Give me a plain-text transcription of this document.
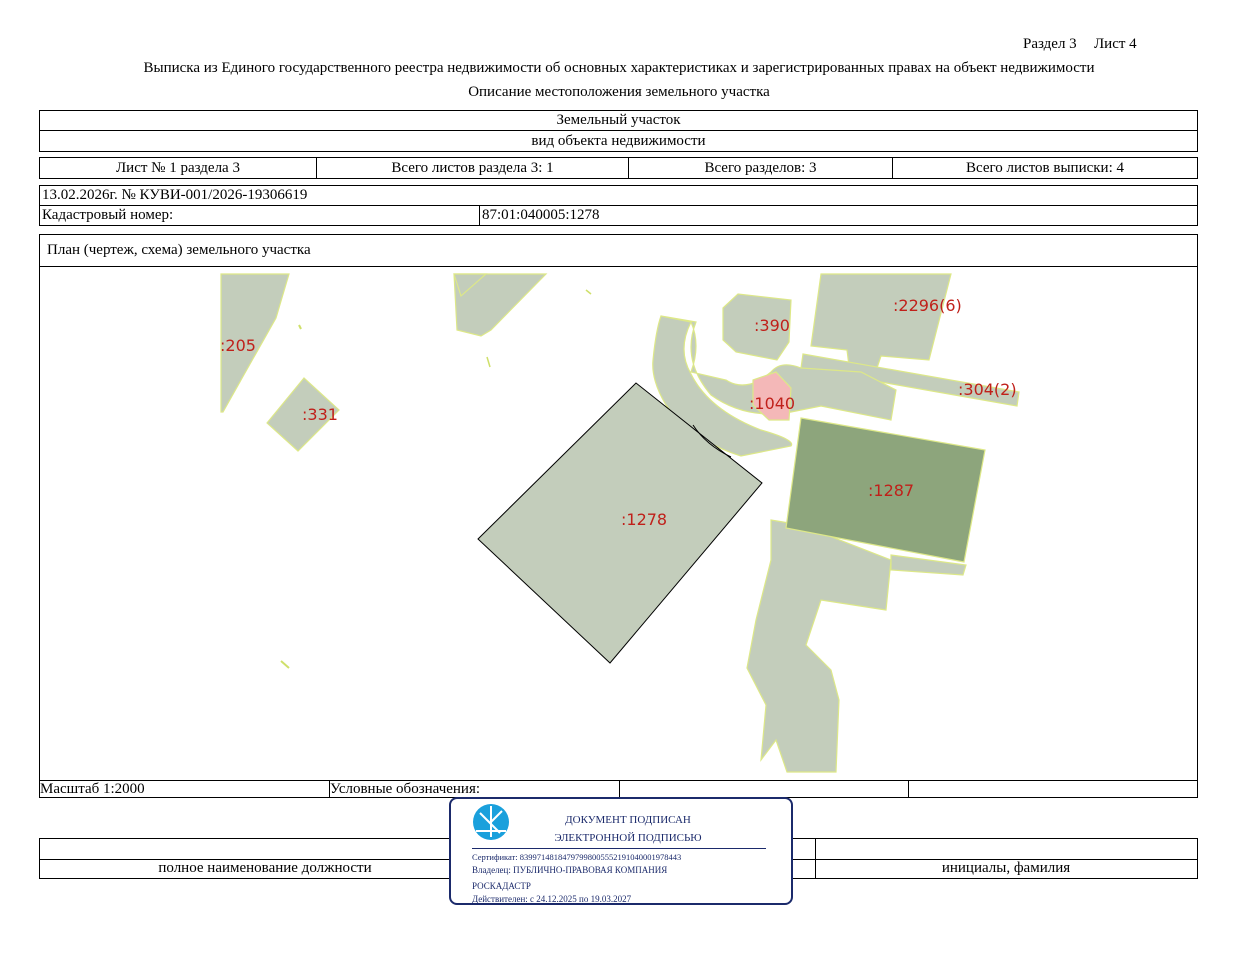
Раздел 3 Лист 4
Выписка из Единого государственного реестра недвижимости об основных характеристиках и зарегистрированных правах на объект недвижимости
Описание местоположения земельного участка
Земельный участок
вид объекта недвижимости
Лист № 1 раздела 3	Всего листов раздела 3: 1	Всего разделов: 3	Всего листов выписки: 4
13.02.2026г. № КУВИ-001/2026-19306619
Кадастровый номер:	87:01:040005:1278
План (чертеж, схема) земельного участка
:205
:331
:390
:2296(6)
:304(2)
:1040
:1287
:1278
Масштаб 1:2000	Условные обозначения:
полное наименование должности	инициалы, фамилия
ДОКУМЕНТ ПОДПИСАН
ЭЛЕКТРОННОЙ ПОДПИСЬЮ
Сертификат: 83997148184797998005552191040001978443
Владелец: ПУБЛИЧНО-ПРАВОВАЯ КОМПАНИЯ
РОСКАДАСТР
Действителен: с 24.12.2025 по 19.03.2027
